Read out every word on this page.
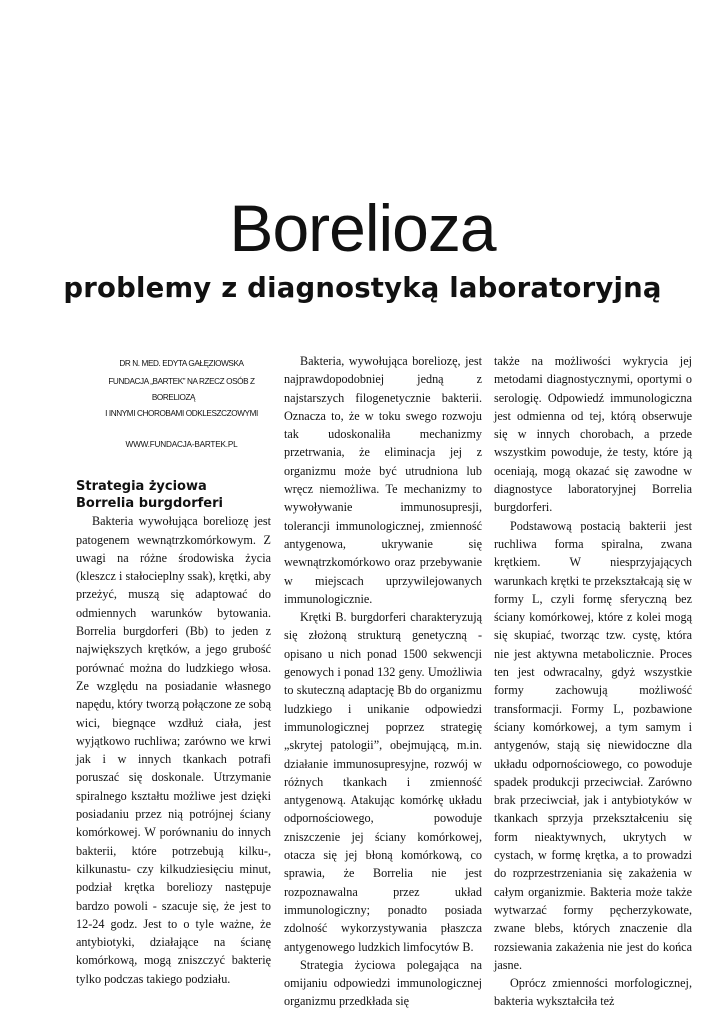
Borelioza
problemy z diagnostyką laboratoryjną

DR N. MED. EDYTA GAŁĘZIOWSKA

FUNDACJA „BARTEK” NA RZECZ OSÓB Z BORELIOZĄ

I INNYMI CHOROBAMI ODKLESZCZOWYMI

WWW.FUNDACJA-BARTEK.PL

Strategia życiowa
Borrelia burgdorferi

Bakteria wywołująca boreliozę jest patogenem wewnątrzkomórkowym. Z uwagi na różne środowiska życia (kleszcz i stałocieplny ssak), krętki, aby przeżyć, muszą się adaptować do odmiennych warunków bytowania. Borrelia burgdorferi (Bb) to jeden z największych krętków, a jego grubość porównać można do ludzkiego włosa. Ze względu na posiadanie własnego napędu, który tworzą połączone ze sobą wici, biegnące wzdłuż ciała, jest wyjątkowo ruchliwa; zarówno we krwi jak i w innych tkankach potrafi poruszać się doskonale. Utrzymanie spiralnego kształtu możliwe jest dzięki posiadaniu przez nią potrójnej ściany komórkowej. W porównaniu do innych bakterii, które potrzebują kilku-, kilkunastu- czy kilkudziesięciu minut, podział krętka boreliozy następuje bardzo powoli - szacuje się, że jest to 12-24 godz. Jest to o tyle ważne, że antybiotyki, działające na ścianę komórkową, mogą zniszczyć bakterię tylko podczas takiego podziału.

Bakteria, wywołująca boreliozę, jest najprawdopodobniej jedną z najstarszych filogenetycznie bakterii. Oznacza to, że w toku swego rozwoju tak udoskonaliła mechanizmy przetrwania, że eliminacja jej z organizmu może być utrudniona lub wręcz niemożliwa. Te mechanizmy to wywoływanie immunosupresji, tolerancji immunologicznej, zmienność antygenowa, ukrywanie się wewnątrzkomórkowo oraz przebywanie w miejscach uprzywilejowanych immunologicznie.

Krętki B. burgdorferi charakteryzują się złożoną strukturą genetyczną - opisano u nich ponad 1500 sekwencji genowych i ponad 132 geny. Umożliwia to skuteczną adaptację Bb do organizmu ludzkiego i unikanie odpowiedzi immunologicznej poprzez strategię „skrytej patologii”, obejmującą, m.in. działanie immunosupresyjne, rozwój w różnych tkankach i zmienność antygenową. Atakując komórkę układu odpornościowego, powoduje zniszczenie jej ściany komórkowej, otacza się jej błoną komórkową, co sprawia, że Borrelia nie jest rozpoznawalna przez układ immunologiczny; ponadto posiada zdolność wykorzystywania płaszcza antygenowego ludzkich limfocytów B.

Strategia życiowa polegająca na omijaniu odpowiedzi immunologicznej organizmu przedkłada się

także na możliwości wykrycia jej metodami diagnostycznymi, oportymi o serologię. Odpowiedź immunologiczna jest odmienna od tej, którą obserwuje się w innych chorobach, a przede wszystkim powoduje, że testy, które ją oceniają, mogą okazać się zawodne w diagnostyce laboratoryjnej Borrelia burgdorferi.

Podstawową postacią bakterii jest ruchliwa forma spiralna, zwana krętkiem. W niesprzyjających warunkach krętki te przekształcają się w formy L, czyli formę sferyczną bez ściany komórkowej, które z kolei mogą się skupiać, tworząc tzw. cystę, która nie jest aktywna metabolicznie. Proces ten jest odwracalny, gdyż wszystkie formy zachowują możliwość transformacji. Formy L, pozbawione ściany komórkowej, a tym samym i antygenów, stają się niewidoczne dla układu odpornościowego, co powoduje spadek produkcji przeciwciał. Zarówno brak przeciwciał, jak i antybiotyków w tkankach sprzyja przekształceniu się form nieaktywnych, ukrytych w cystach, w formę krętka, a to prowadzi do rozprzestrzeniania się zakażenia w całym organizmie. Bakteria może także wytwarzać formy pęcherzykowate, zwane blebs, których znaczenie dla rozsiewania zakażenia nie jest do końca jasne.

Oprócz zmienności morfologicznej, bakteria wykształciła też
